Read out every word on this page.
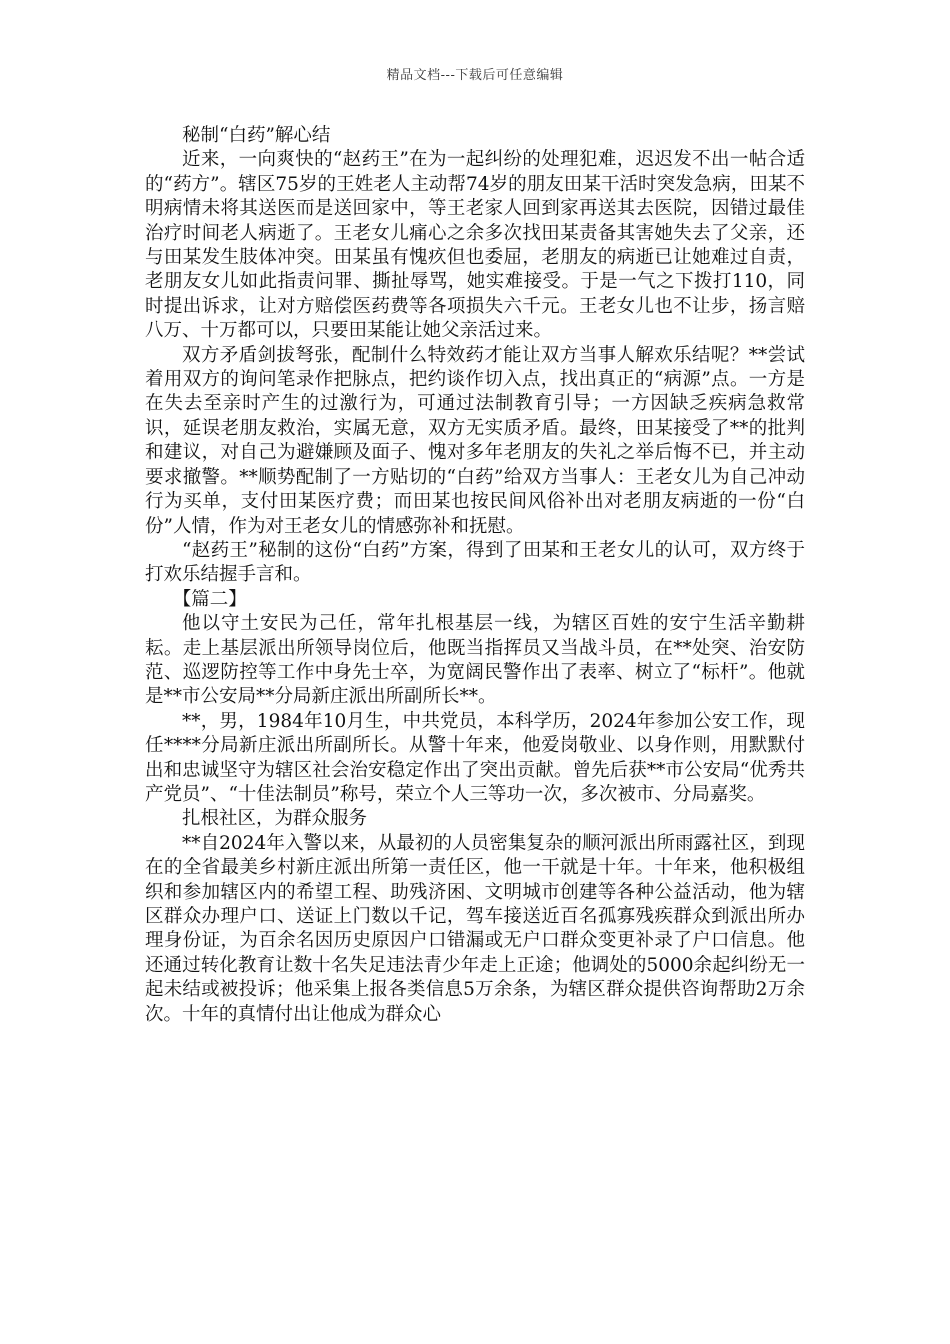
精品文档---下载后可任意编辑

秘制“白药”解心结

近来，一向爽快的“赵药王”在为一起纠纷的处理犯难，迟迟发不出一帖合适的“药方”。辖区75岁的王姓老人主动帮74岁的朋友田某干活时突发急病，田某不明病情未将其送医而是送回家中，等王老家人回到家再送其去医院，因错过最佳治疗时间老人病逝了。王老女儿痛心之余多次找田某责备其害她失去了父亲，还与田某发生肢体冲突。田某虽有愧疚但也委屈，老朋友的病逝已让她难过自责，老朋友女儿如此指责问罪、撕扯辱骂，她实难接受。于是一气之下拨打110，同时提出诉求，让对方赔偿医药费等各项损失六千元。王老女儿也不让步，扬言赔八万、十万都可以，只要田某能让她父亲活过来。

双方矛盾剑拔弩张，配制什么特效药才能让双方当事人解欢乐结呢？**尝试着用双方的询问笔录作把脉点，把约谈作切入点，找出真正的“病源”点。一方是在失去至亲时产生的过激行为，可通过法制教育引导；一方因缺乏疾病急救常识，延误老朋友救治，实属无意，双方无实质矛盾。最终，田某接受了**的批判和建议，对自己为避嫌顾及面子、愧对多年老朋友的失礼之举后悔不已，并主动要求撤警。**顺势配制了一方贴切的“白药”给双方当事人：王老女儿为自己冲动行为买单，支付田某医疗费；而田某也按民间风俗补出对老朋友病逝的一份“白份”人情，作为对王老女儿的情感弥补和抚慰。

“赵药王”秘制的这份“白药”方案，得到了田某和王老女儿的认可，双方终于打欢乐结握手言和。

【篇二】

他以守土安民为己任，常年扎根基层一线，为辖区百姓的安宁生活辛勤耕耘。走上基层派出所领导岗位后，他既当指挥员又当战斗员，在**处突、治安防范、巡逻防控等工作中身先士卒，为宽阔民警作出了表率、树立了“标杆”。他就是**市公安局**分局新庄派出所副所长**。

**，男，1984年10月生，中共党员，本科学历，2024年参加公安工作，现任****分局新庄派出所副所长。从警十年来，他爱岗敬业、以身作则，用默默付出和忠诚坚守为辖区社会治安稳定作出了突出贡献。曾先后获**市公安局“优秀共产党员”、“十佳法制员”称号，荣立个人三等功一次，多次被市、分局嘉奖。

扎根社区，为群众服务

**自2024年入警以来，从最初的人员密集复杂的顺河派出所雨露社区，到现在的全省最美乡村新庄派出所第一责任区，他一干就是十年。十年来，他积极组织和参加辖区内的希望工程、助残济困、文明城市创建等各种公益活动，他为辖区群众办理户口、送证上门数以千记，驾车接送近百名孤寡残疾群众到派出所办理身份证，为百余名因历史原因户口错漏或无户口群众变更补录了户口信息。他还通过转化教育让数十名失足违法青少年走上正途；他调处的5000余起纠纷无一起未结或被投诉；他采集上报各类信息5万余条，为辖区群众提供咨询帮助2万余次。十年的真情付出让他成为群众心
